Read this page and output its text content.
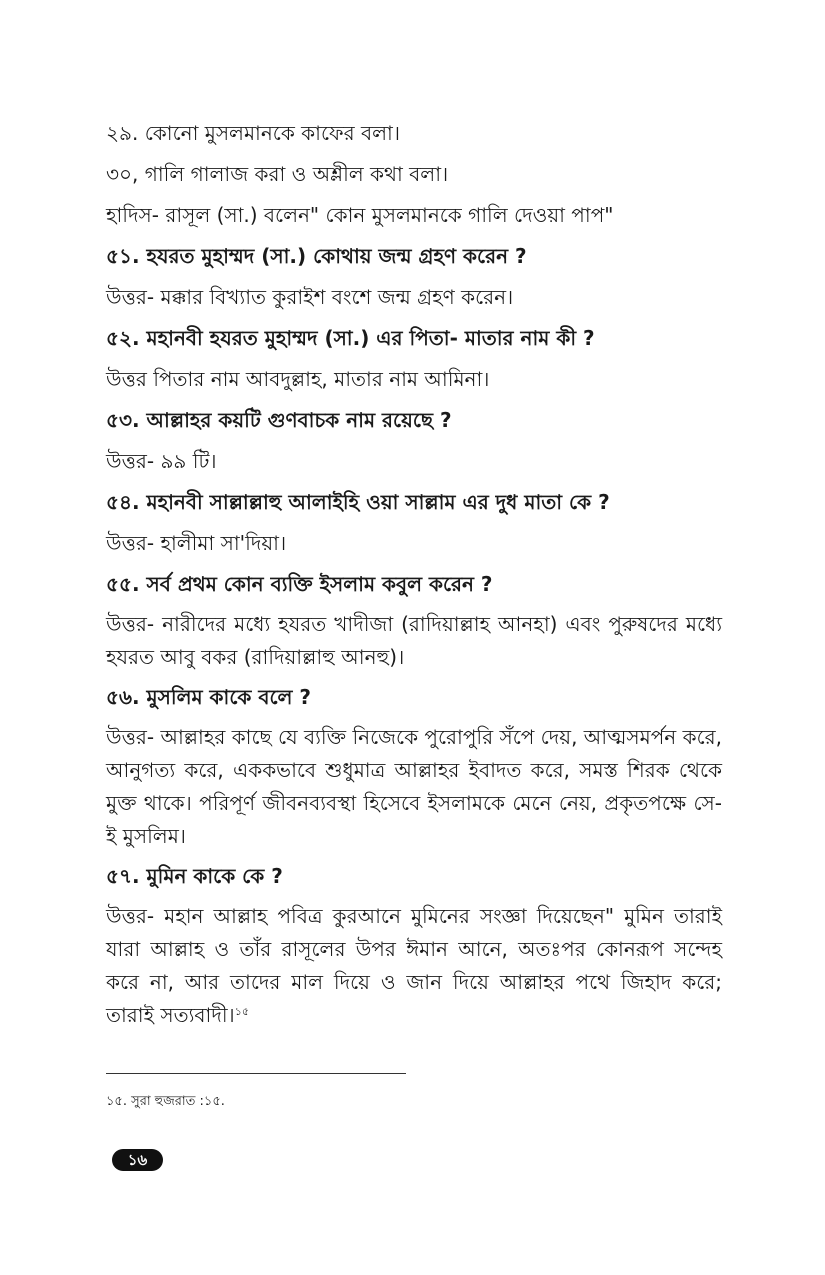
২৯. কোনো মুসলমানকে কাফের বলা।

৩০, গালি গালাজ করা ও অশ্লীল কথা বলা।

হাদিস- রাসূল (সা.) বলেন" কোন মুসলমানকে গালি দেওয়া পাপ"

৫১. হযরত মুহাম্মদ (সা.) কোথায় জন্ম গ্রহণ করেন ?

উত্তর- মক্কার বিখ্যাত কুরাইশ বংশে জন্ম গ্রহণ করেন।

৫২. মহানবী হযরত মুহাম্মদ (সা.) এর পিতা- মাতার নাম কী ?

উত্তর পিতার নাম আবদুল্লাহ, মাতার নাম আমিনা।

৫৩. আল্লাহর কয়টি গুণবাচক নাম রয়েছে ?

উত্তর- ৯৯ টি।

৫৪. মহানবী সাল্লাল্লাহু আলাইহি ওয়া সাল্লাম এর দুধ মাতা কে ?

উত্তর- হালীমা সা'দিয়া।

৫৫. সর্ব প্রথম কোন ব্যক্তি ইসলাম কবুল করেন ?

উত্তর- নারীদের মধ্যে হযরত খাদীজা (রাদিয়াল্লাহ আনহা) এবং পুরুষদের মধ্যে হযরত আবু বকর (রাদিয়াল্লাহু আনহু)।

৫৬. মুসলিম কাকে বলে ?

উত্তর- আল্লাহর কাছে যে ব্যক্তি নিজেকে পুরোপুরি সঁপে দেয়, আত্মসমর্পন করে, আনুগত্য করে, এককভাবে শুধুমাত্র আল্লাহর ইবাদত করে, সমস্ত শিরক থেকে মুক্ত থাকে। পরিপূর্ণ জীবনব্যবস্থা হিসেবে ইসলামকে মেনে নেয়, প্রকৃতপক্ষে সে-ই মুসলিম।

৫৭. মুমিন কাকে কে ?

উত্তর- মহান আল্লাহ পবিত্র কুরআনে মুমিনের সংজ্ঞা দিয়েছেন" মুমিন তারাই যারা আল্লাহ ও তাঁর রাসূলের উপর ঈমান আনে, অতঃপর কোনরূপ সন্দেহ করে না, আর তাদের মাল দিয়ে ও জান দিয়ে আল্লাহর পথে জিহাদ করে; তারাই সত্যবাদী।$^{১৫}$

১৫. সুরা হুজরাত :১৫.
১৬
